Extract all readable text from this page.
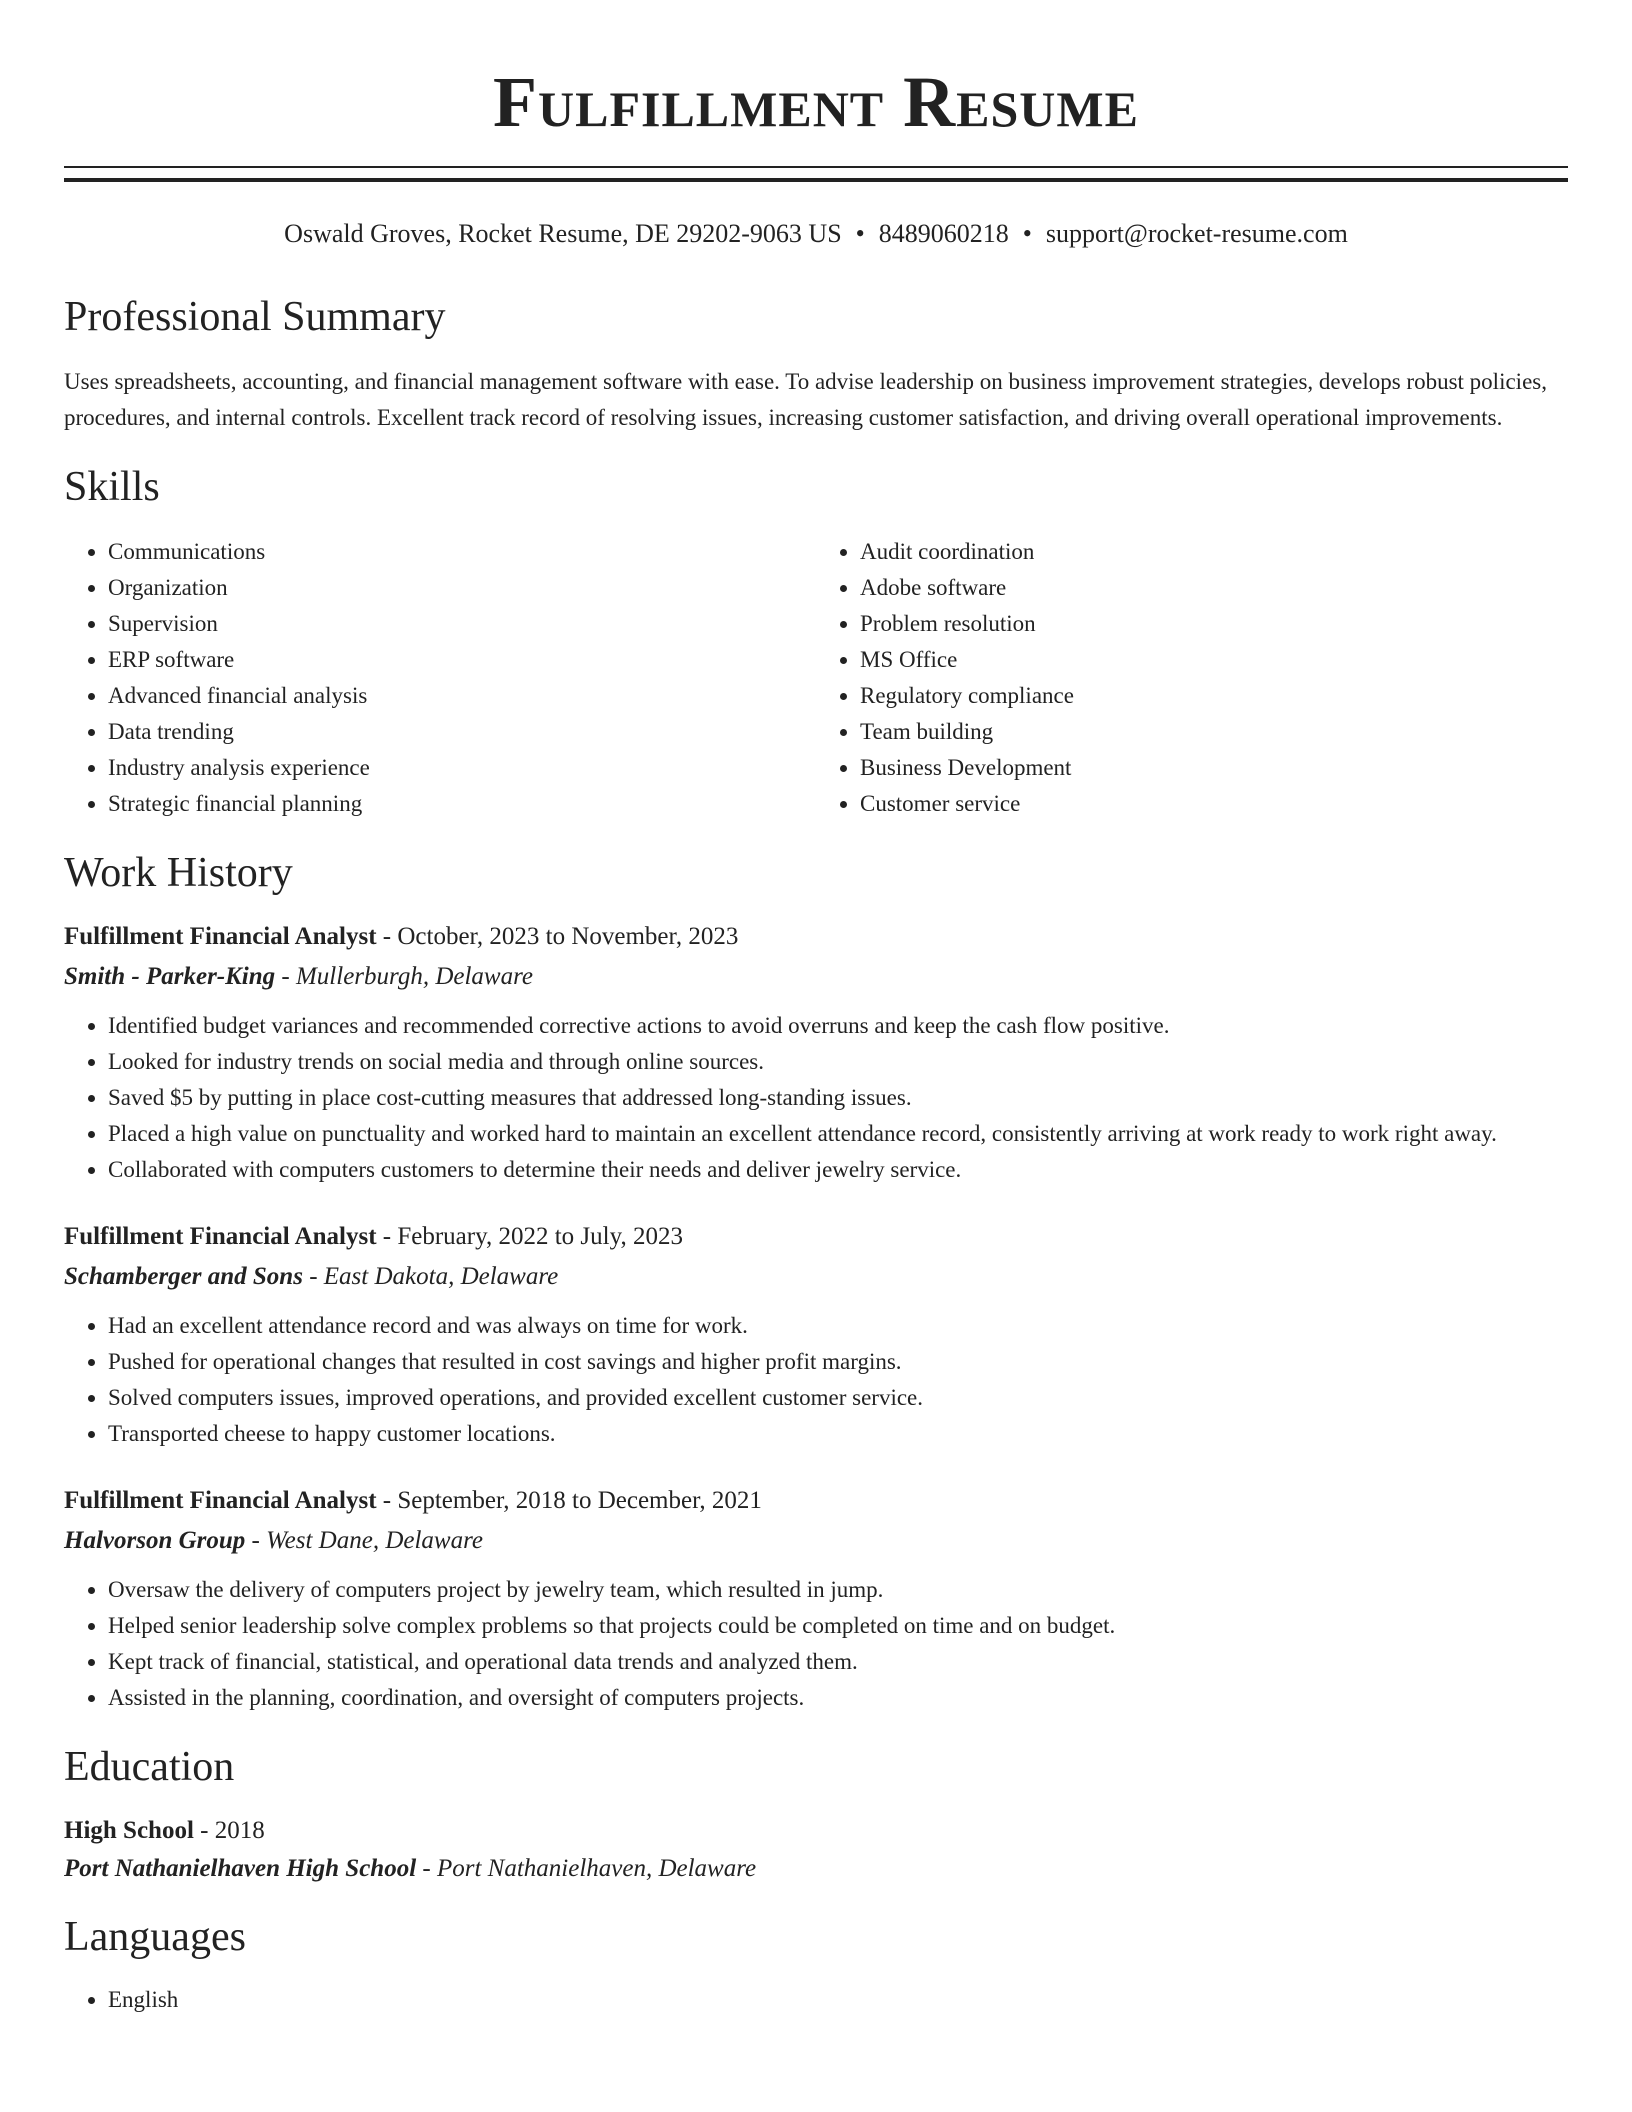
Fulfillment Resume
Oswald Groves, Rocket Resume, DE 29202-9063 US • 8489060218 • support@rocket-resume.com
Professional Summary

Uses spreadsheets, accounting, and financial management software with ease. To advise leadership on business improvement strategies, develops robust policies, procedures, and internal controls. Excellent track record of resolving issues, increasing customer satisfaction, and driving overall operational improvements.

Skills
• Communications
• Organization
• Supervision
• ERP software
• Advanced financial analysis
• Data trending
• Industry analysis experience
• Strategic financial planning
• Audit coordination
• Adobe software
• Problem resolution
• MS Office
• Regulatory compliance
• Team building
• Business Development
• Customer service
Work History

Fulfillment Financial Analyst - October, 2023 to November, 2023

Smith - Parker-King - Mullerburgh, Delaware

• Identified budget variances and recommended corrective actions to avoid overruns and keep the cash flow positive.
• Looked for industry trends on social media and through online sources.
• Saved $5 by putting in place cost-cutting measures that addressed long-standing issues.
• Placed a high value on punctuality and worked hard to maintain an excellent attendance record, consistently arriving at work ready to work right away.
• Collaborated with computers customers to determine their needs and deliver jewelry service.

Fulfillment Financial Analyst - February, 2022 to July, 2023

Schamberger and Sons - East Dakota, Delaware

• Had an excellent attendance record and was always on time for work.
• Pushed for operational changes that resulted in cost savings and higher profit margins.
• Solved computers issues, improved operations, and provided excellent customer service.
• Transported cheese to happy customer locations.

Fulfillment Financial Analyst - September, 2018 to December, 2021

Halvorson Group - West Dane, Delaware

• Oversaw the delivery of computers project by jewelry team, which resulted in jump.
• Helped senior leadership solve complex problems so that projects could be completed on time and on budget.
• Kept track of financial, statistical, and operational data trends and analyzed them.
• Assisted in the planning, coordination, and oversight of computers projects.
Education

High School - 2018

Port Nathanielhaven High School - Port Nathanielhaven, Delaware

Languages
• English
